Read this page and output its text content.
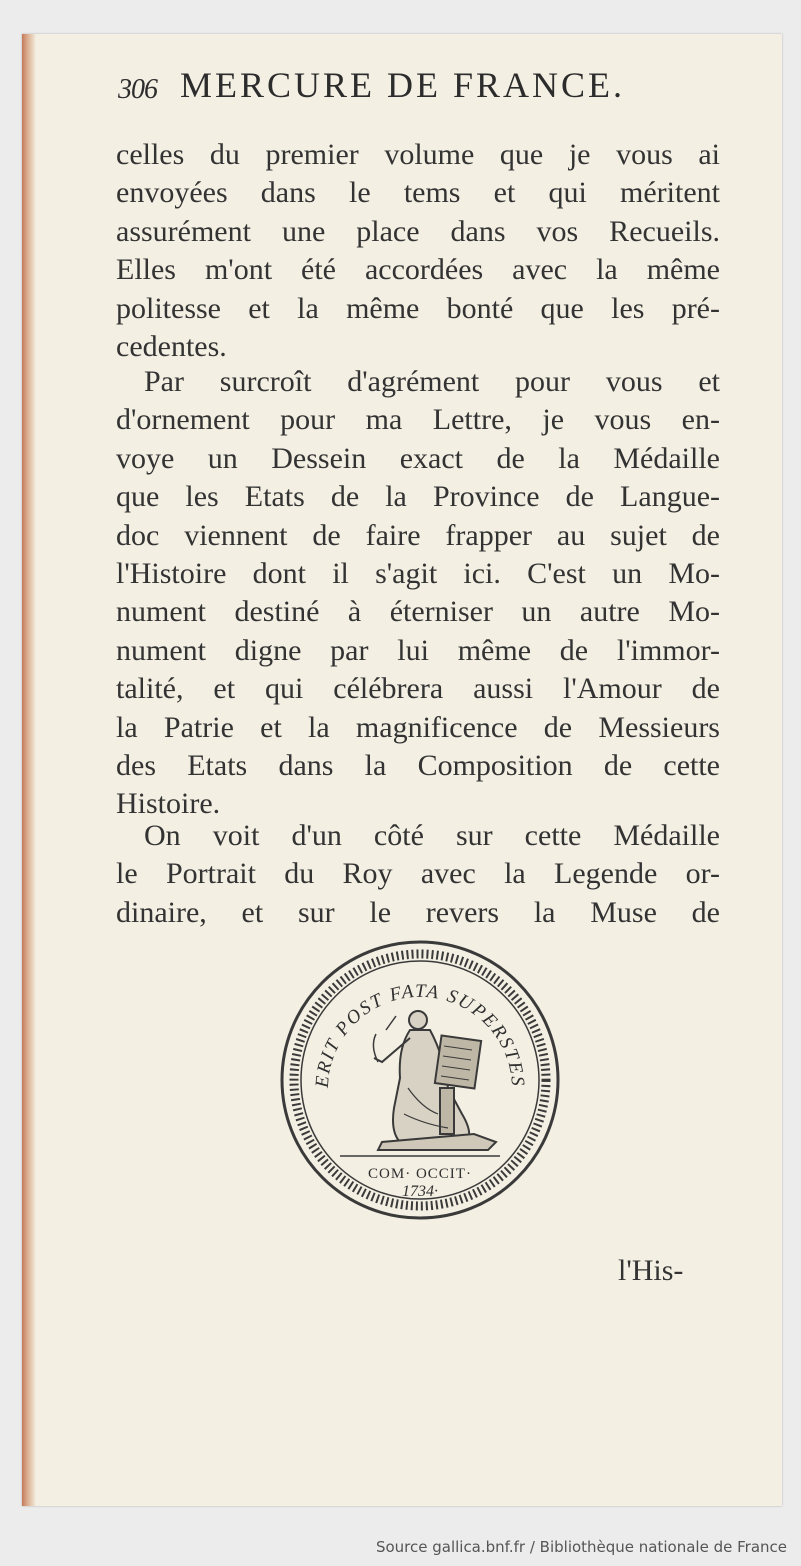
306 MERCURE DE FRANCE.
celles du premier volume que je vous ai
envoyées dans le tems et qui méritent
assurément une place dans vos Recueils.
Elles m'ont été accordées avec la même
politesse et la même bonté que les pré-
cedentes.
Par surcroît d'agrément pour vous et
d'ornement pour ma Lettre, je vous en-
voye un Dessein exact de la Médaille
que les Etats de la Province de Langue-
doc viennent de faire frapper au sujet de
l'Histoire dont il s'agit ici. C'est un Mo-
nument destiné à éterniser un autre Mo-
nument digne par lui même de l'immor-
talité, et qui célébrera aussi l'Amour de
la Patrie et la magnificence de Messieurs
des Etats dans la Composition de cette
Histoire.
On voit d'un côté sur cette Médaille
le Portrait du Roy avec la Legende or-
dinaire, et sur le revers la Muse de
ERIT POST FATA SUPERSTES
COM· OCCIT·
1734·
l'His-
Source gallica.bnf.fr / Bibliothèque nationale de France
